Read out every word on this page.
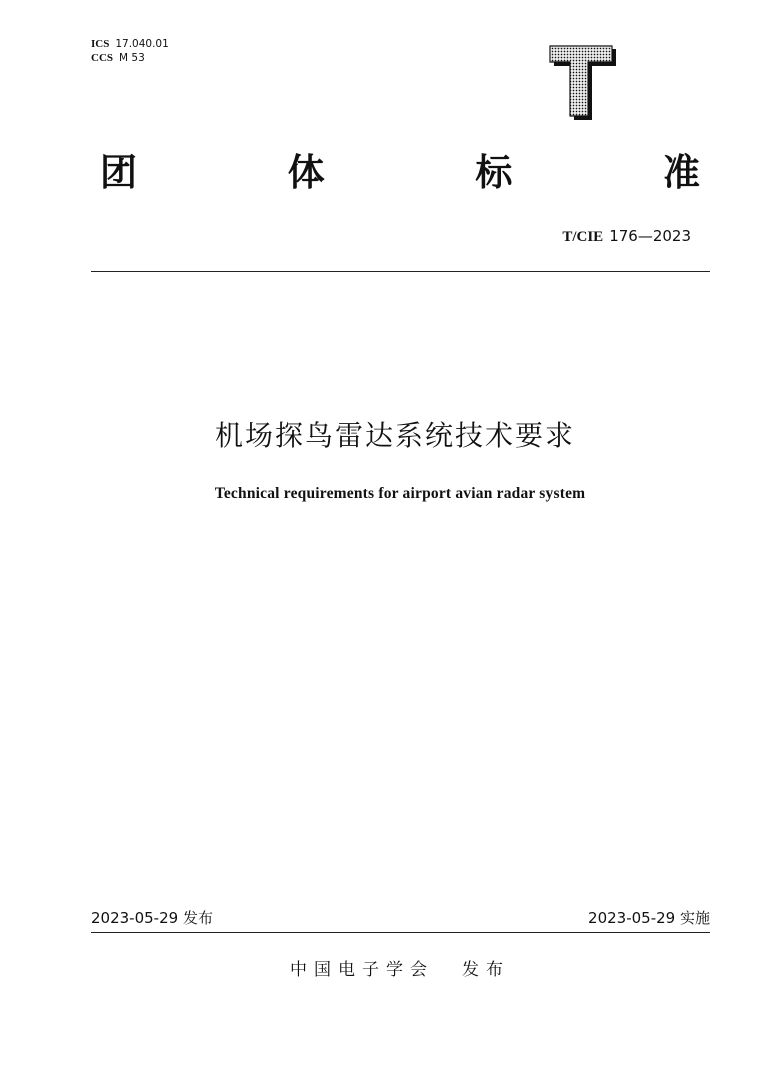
ICS 17.040.01
CCS M 53
团	体	标	准
T/CIE 176—2023
机场探鸟雷达系统技术要求
Technical requirements for airport avian radar system
2023-05-29 发布	2023-05-29 实施
中国电子学会 发布
